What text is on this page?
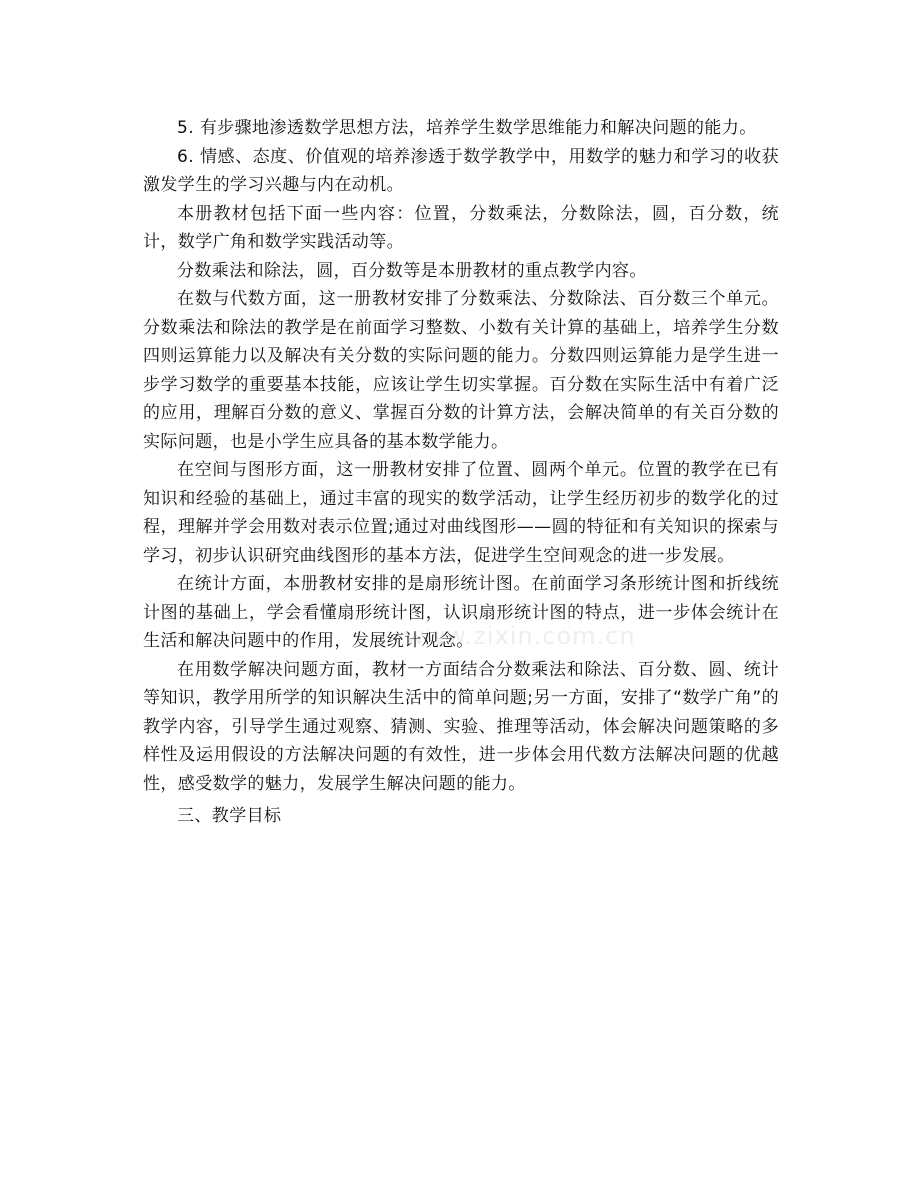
5. 有步骤地渗透数学思想方法，培养学生数学思维能力和解决问题的能力。

6. 情感、态度、价值观的培养渗透于数学教学中，用数学的魅力和学习的收获激发学生的学习兴趣与内在动机。

本册教材包括下面一些内容：位置，分数乘法，分数除法，圆，百分数，统计，数学广角和数学实践活动等。

分数乘法和除法，圆，百分数等是本册教材的重点教学内容。

在数与代数方面，这一册教材安排了分数乘法、分数除法、百分数三个单元。分数乘法和除法的教学是在前面学习整数、小数有关计算的基础上，培养学生分数四则运算能力以及解决有关分数的实际问题的能力。分数四则运算能力是学生进一步学习数学的重要基本技能，应该让学生切实掌握。百分数在实际生活中有着广泛的应用，理解百分数的意义、掌握百分数的计算方法，会解决简单的有关百分数的实际问题，也是小学生应具备的基本数学能力。

在空间与图形方面，这一册教材安排了位置、圆两个单元。位置的教学在已有知识和经验的基础上，通过丰富的现实的数学活动，让学生经历初步的数学化的过程，理解并学会用数对表示位置;通过对曲线图形——圆的特征和有关知识的探索与学习，初步认识研究曲线图形的基本方法，促进学生空间观念的进一步发展。

在统计方面，本册教材安排的是扇形统计图。在前面学习条形统计图和折线统计图的基础上，学会看懂扇形统计图，认识扇形统计图的特点，进一步体会统计在生活和解决问题中的作用，发展统计观念。

在用数学解决问题方面，教材一方面结合分数乘法和除法、百分数、圆、统计等知识，教学用所学的知识解决生活中的简单问题;另一方面，安排了“数学广角”的教学内容，引导学生通过观察、猜测、实验、推理等活动，体会解决问题策略的多样性及运用假设的方法解决问题的有效性，进一步体会用代数方法解决问题的优越性，感受数学的魅力，发展学生解决问题的能力。

三、教学目标

www.zixin.com.cn
